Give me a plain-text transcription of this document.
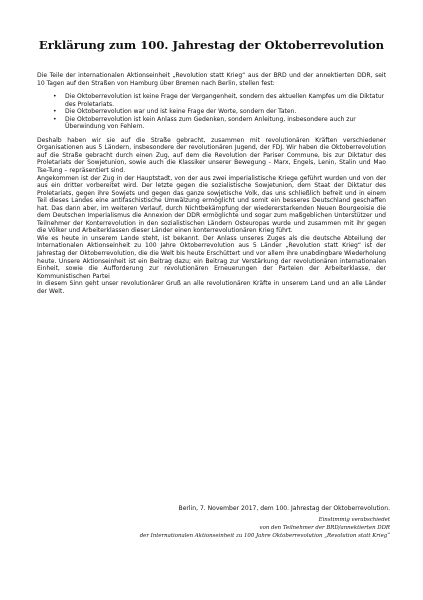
Erklärung zum 100. Jahrestag der Oktoberrevolution

Die Teile der internationalen Aktionseinheit „Revolution statt Krieg“ aus der BRD und der annektierten DDR, seit 10 Tagen auf den Straßen von Hamburg über Bremen nach Berlin, stellen fest:

• Die Oktoberrevolution ist keine Frage der Vergangenheit, sondern des aktuellen Kampfes um die Diktatur des Proletariats.
• Die Oktoberrevolution war und ist keine Frage der Worte, sondern der Taten.
• Die Oktoberrevolution ist kein Anlass zum Gedenken, sondern Anleitung, insbesondere auch zur Überwindung von Fehlern.

Deshalb haben wir sie auf die Straße gebracht, zusammen mit revolutionären Kräften verschiedener Organisationen aus 5 Ländern, insbesondere der revolutionären Jugend, der FDJ. Wir haben die Oktoberrevolution auf die Straße gebracht durch einen Zug, auf dem die Revolution der Pariser Commune, bis zur Diktatur des Proletariats der Sowjetunion, sowie auch die Klassiker unserer Bewegung - Marx, Engels, Lenin, Stalin und Mao Tse-Tung – repräsentiert sind.

Angekommen ist der Zug in der Hauptstadt, von der aus zwei imperialistische Kriege geführt wurden und von der aus ein dritter vorbereitet wird. Der letzte gegen die sozialistische Sowjetunion, dem Staat der Diktatur des Proletariats, gegen ihre Sowjets und gegen das ganze sowjetische Volk, das uns schließlich befreit und in einem Teil dieses Landes eine antifaschistische Umwälzung ermöglicht und somit ein besseres Deutschland geschaffen hat. Das dann aber, im weiteren Verlauf, durch Nichtbekämpfung der wiedererstarkenden Neuen Bourgeoisie die dem Deutschen Imperialismus die Annexion der DDR ermöglichte und sogar zum maßgeblichen Unterstützer und Teilnehmer der Konterrevolution in den sozialistischen Ländern Osteuropas wurde und zusammen mit ihr gegen die Völker und Arbeiterklassen dieser Länder einen konterrevolutionären Krieg führt.

Wie es heute in unserem Lande steht, ist bekannt. Der Anlass unseres Zuges als die deutsche Abteilung der Internationalen Aktionseinheit zu 100 Jahre Oktoberrevolution aus 5 Länder „Revolution statt Krieg“ ist der Jahrestag der Oktoberrevolution, die die Welt bis heute Erschüttert und vor allem ihre unabdingbare Wiederholung heute. Unsere Aktionseinheit ist ein Beitrag dazu; ein Beitrag zur Verstärkung der revolutionären internationalen Einheit, sowie die Aufforderung zur revolutionären Erneuerungen der Parteien der Arbeiterklasse, der Kommunistischen Partei

In diesem Sinn geht unser revolutionärer Gruß an alle revolutionären Kräfte in unserem Land und an alle Länder der Welt.

Berlin, 7. November 2017, dem 100. Jahrestag der Oktoberrevolution.
Einstimmig verabschiedet
von den Teilnehmer der BRD/annektierten DDR
der Internationalen Aktionseinheit zu 100 Jahre Oktoberrevolution „Revolution statt Krieg“
